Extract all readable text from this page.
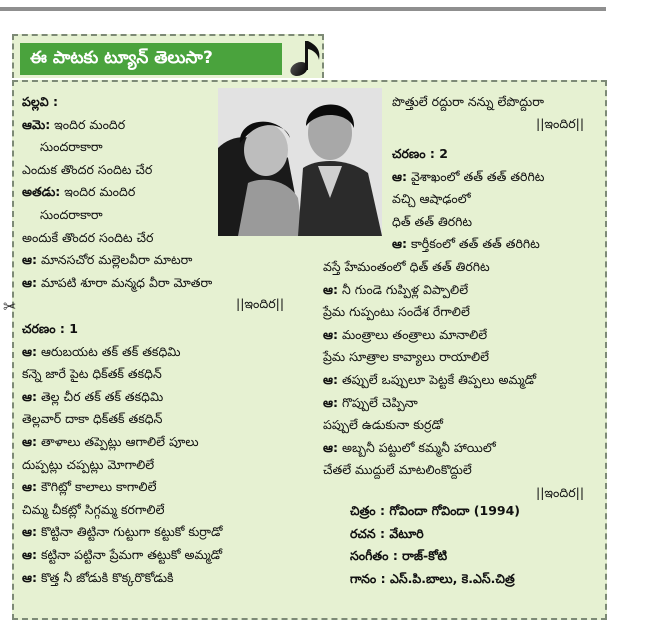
ఈ పాటకు ట్యూన్ తెలుసా?
✂
పల్లవి :
ఆమె: ఇందిర మందిర
సుందరాకారా
ఎందుక తొందర సందిట చేర
అతడు: ఇందిర మందిర
సుందరాకారా
అందుకే తొందర సందిట చేర
ఆ: మానసచోర మల్లెలవీరా మాటరా
ఆ: మాపటి శూరా మన్మధ వీరా మోతరా
||ఇందిర||
చరణం : 1
ఆ: ఆరుబయట తక్ తక్ తకధిమి
కన్నె జారే పైట ధిక్‌తక్ తకధిన్
ఆ: తెల్ల చీర తక్ తక్ తకధిమి
తెల్లవార్ దాకా ధిక్‌తక్ తకధిన్
ఆ: తాళాలు తప్పెట్లు ఆగాలిలే పూలు
దుప్పట్లు చప్పట్లు మోగాలిలే
ఆ: కౌగిట్లో కాలాలు కాగాలిలే
చిమ్మ చీకట్లో సిగ్గమ్మ కరగాలిలే
ఆ: కొట్టినా తిట్టినా గుట్టుగా కట్టుకో కుర్రాడో
ఆ: కట్టినా పట్టినా ప్రేమగా తట్టుకో అమ్మడో
ఆ: కొత్త నీ జోడుకి కొక్కరొకోడుకి
పొత్తులే రద్దురా నన్ను లేపొద్దురా
||ఇందిర||
చరణం : 2
ఆ: వైశాఖంలో తత్ తత్ తరిగిట
వచ్చి ఆషాఢంలో
ధిత్ తత్ తిరగిట
ఆ: కార్తీకంలో తత్ తత్ తరిగిట
వస్తే హేమంతంలో ధిత్ తత్ తిరగిట
ఆ: నీ గుండె గుప్పిళ్ల విప్పాలిలే
ప్రేమ గుప్పంటు సందేశ రేగాలిలే
ఆ: మంత్రాలు తంత్రాలు మానాలిలే
ప్రేమ సూత్రాల కావ్యాలు రాయాలిలే
ఆ: తప్పులే ఒప్పులూ పెట్టకే తిప్పలు అమ్మడో
ఆ: గొప్పులే చెప్పినా
పప్పులే ఉడుకునా కుర్రడో
ఆ: అబ్బనీ పట్టులో కమ్మనీ హాయిలో
చేతలే ముద్దులే మాటలింకొద్దులే
||ఇందిర||
చిత్రం : గోవిందా గోవిందా (1994)
రచన : వేటూరి
సంగీతం : రాజ్-కోటి
గానం : ఎస్.పి.బాలు, కె.ఎస్.చిత్ర
